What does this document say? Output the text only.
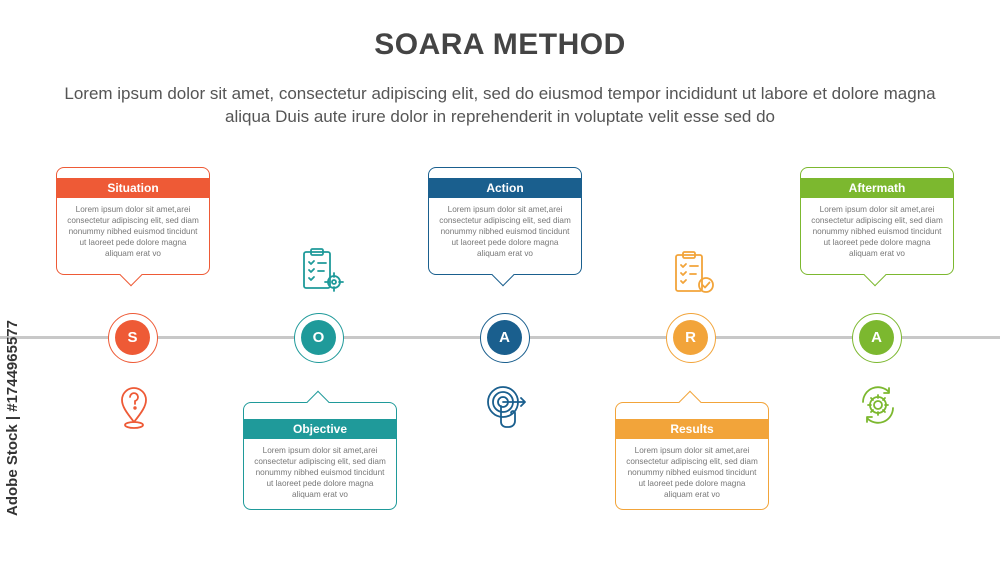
SOARA METHOD
Lorem ipsum dolor sit amet, consectetur adipiscing elit, sed do eiusmod tempor incididunt ut labore et dolore magna aliqua Duis aute irure dolor in reprehenderit in voluptate velit esse sed do
Situation
Lorem ipsum dolor sit amet,arei consectetur adipiscing elit, sed diam nonummy nibhed euismod tincidunt ut laoreet pede dolore magna aliquam erat vo
S
Objective
Lorem ipsum dolor sit amet,arei consectetur adipiscing elit, sed diam nonummy nibhed euismod tincidunt ut laoreet pede dolore magna aliquam erat vo
O
Action
Lorem ipsum dolor sit amet,arei consectetur adipiscing elit, sed diam nonummy nibhed euismod tincidunt ut laoreet pede dolore magna aliquam erat vo
A
Results
Lorem ipsum dolor sit amet,arei consectetur adipiscing elit, sed diam nonummy nibhed euismod tincidunt ut laoreet pede dolore magna aliquam erat vo
R
Aftermath
Lorem ipsum dolor sit amet,arei consectetur adipiscing elit, sed diam nonummy nibhed euismod tincidunt ut laoreet pede dolore magna aliquam erat vo
A
Adobe Stock | #1744965577
